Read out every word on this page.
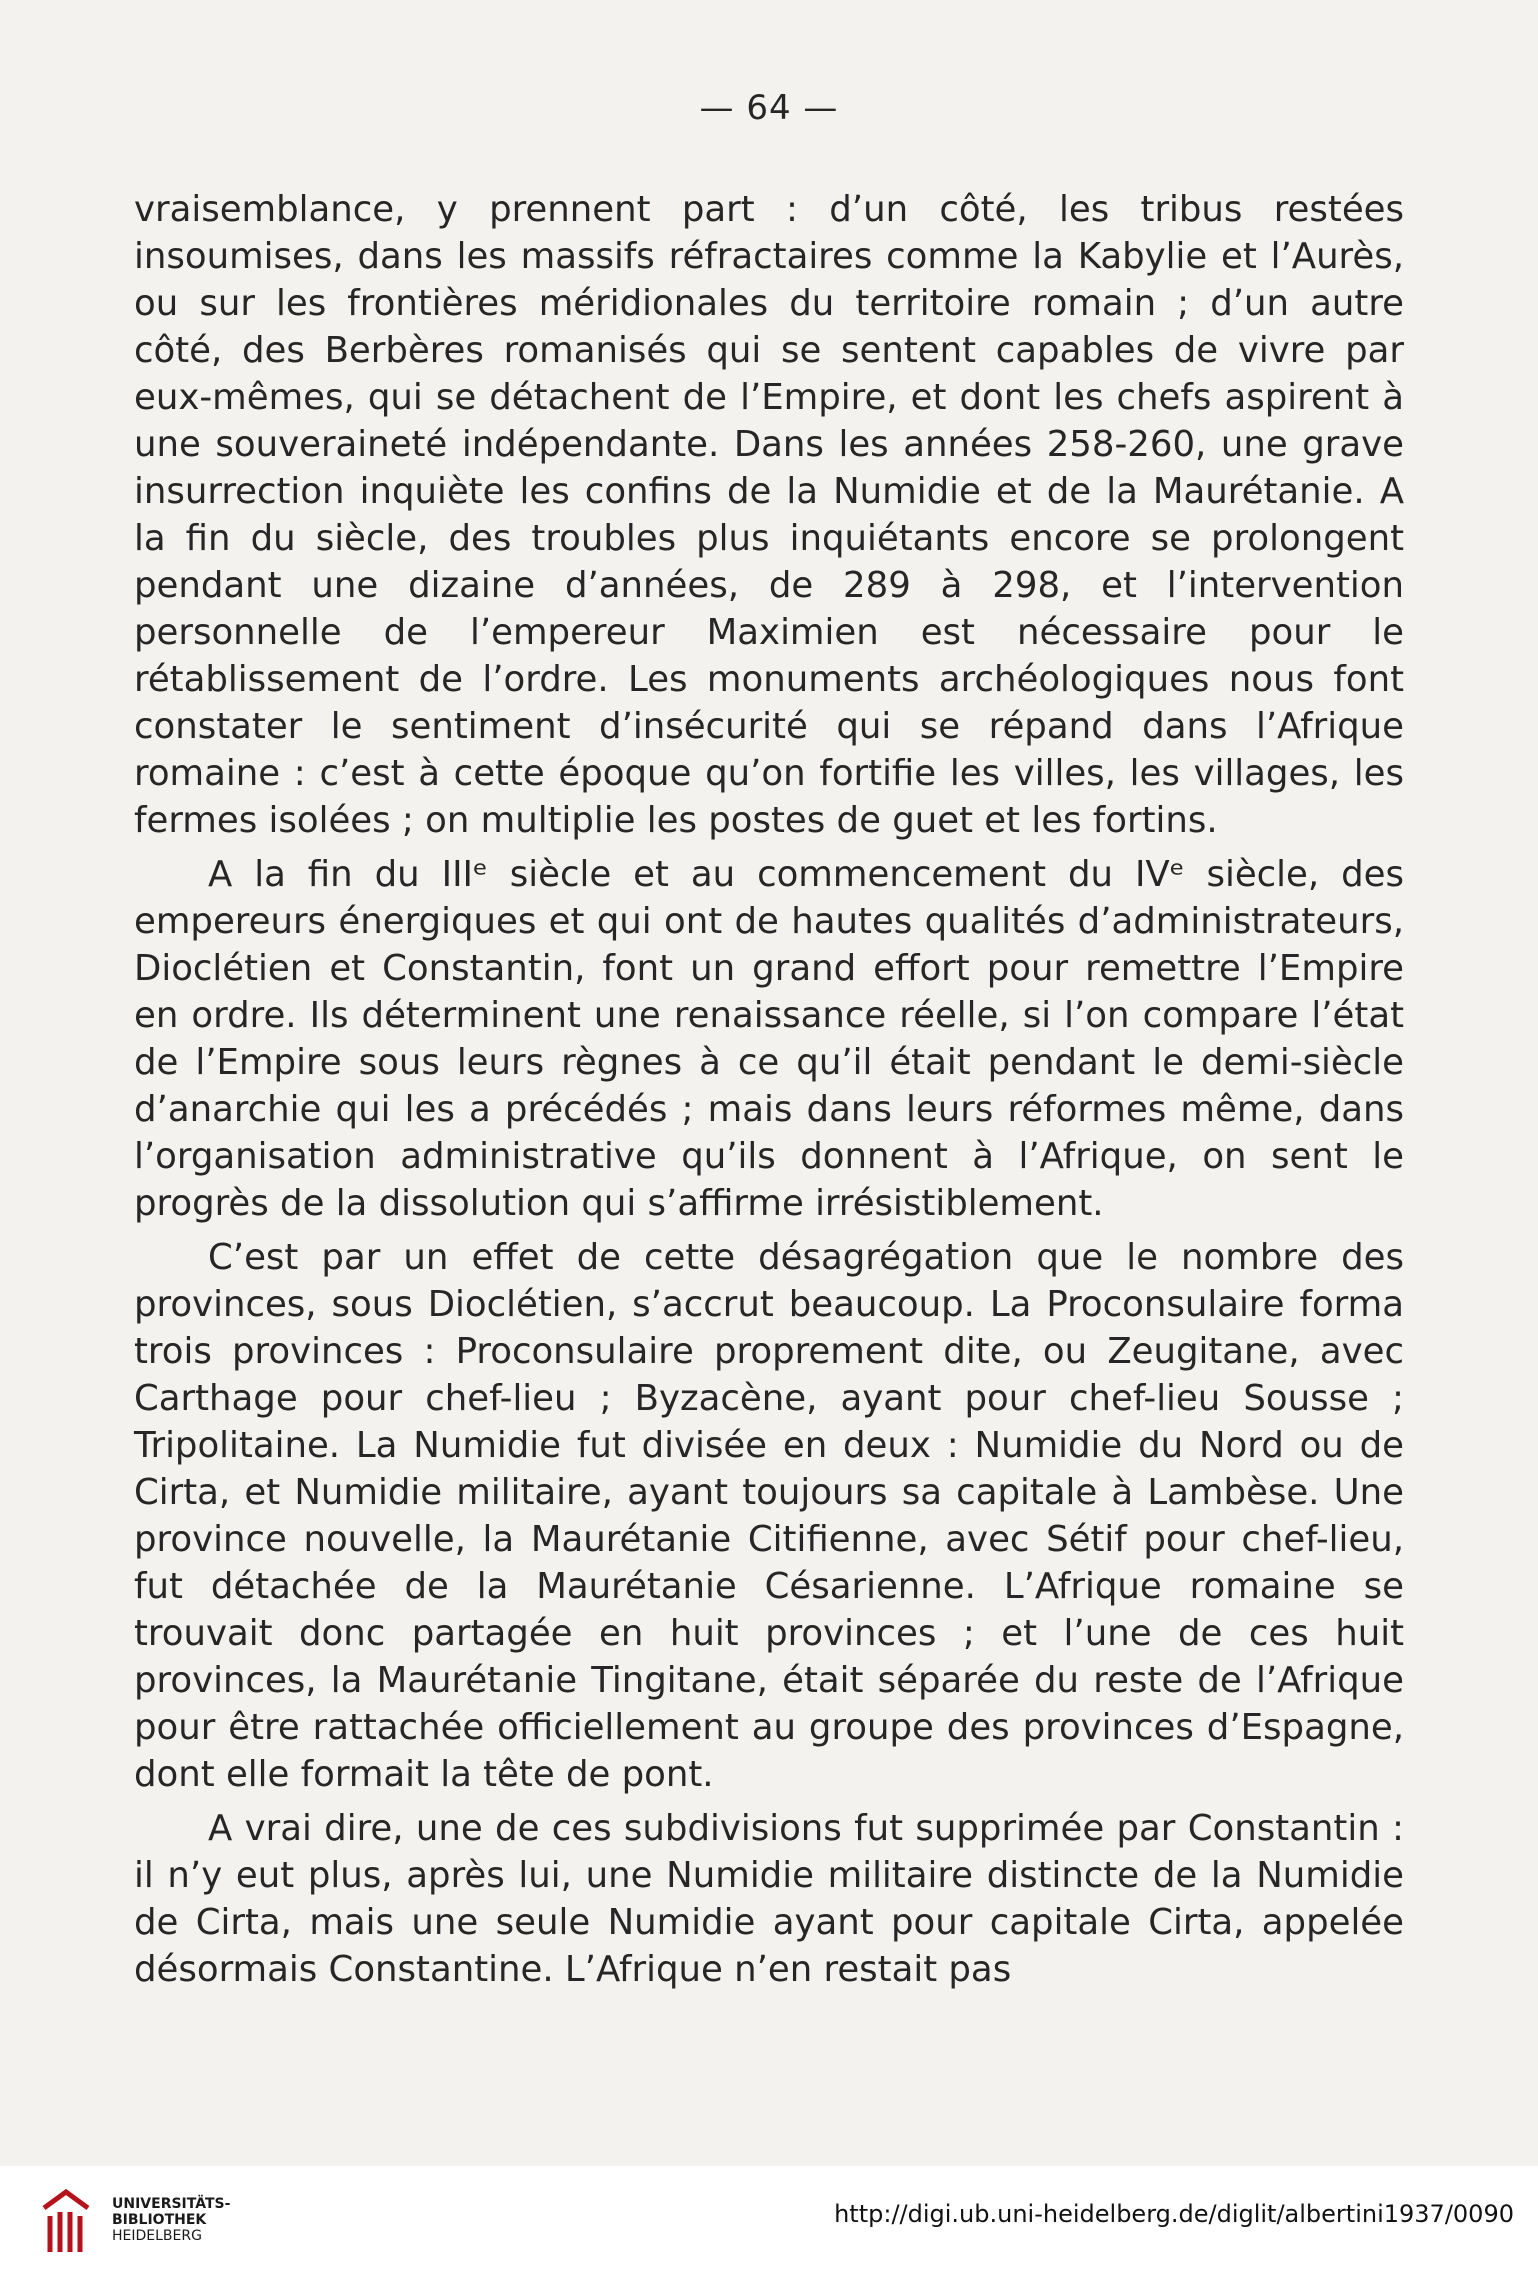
— 64 —

vraisemblance, y prennent part : d’un côté, les tribus restées insoumises, dans les massifs réfractaires comme la Kabylie et l’Aurès, ou sur les frontières méridionales du territoire romain ; d’un autre côté, des Berbères romanisés qui se sentent capables de vivre par eux-mêmes, qui se détachent de l’Empire, et dont les chefs aspirent à une souveraineté indépendante. Dans les années 258-260, une grave insurrection inquiète les confins de la Numidie et de la Maurétanie. A la fin du siècle, des troubles plus inquiétants encore se prolongent pendant une dizaine d’années, de 289 à 298, et l’intervention personnelle de l’empereur Maximien est nécessaire pour le rétablissement de l’ordre. Les monuments archéologiques nous font constater le sentiment d’insécurité qui se répand dans l’Afrique romaine : c’est à cette époque qu’on fortifie les villes, les villages, les fermes isolées ; on multiplie les postes de guet et les fortins.

A la fin du IIIᵉ siècle et au commencement du IVᵉ siècle, des empereurs énergiques et qui ont de hautes qualités d’administrateurs, Dioclétien et Constantin, font un grand effort pour remettre l’Empire en ordre. Ils déterminent une renaissance réelle, si l’on compare l’état de l’Empire sous leurs règnes à ce qu’il était pendant le demi-siècle d’anarchie qui les a précédés ; mais dans leurs réformes même, dans l’organisation administrative qu’ils donnent à l’Afrique, on sent le progrès de la dissolution qui s’affirme irrésistiblement.

C’est par un effet de cette désagrégation que le nombre des provinces, sous Dioclétien, s’accrut beaucoup. La Proconsulaire forma trois provinces : Proconsulaire proprement dite, ou Zeugitane, avec Carthage pour chef-lieu ; Byzacène, ayant pour chef-lieu Sousse ; Tripolitaine. La Numidie fut divisée en deux : Numidie du Nord ou de Cirta, et Numidie militaire, ayant toujours sa capitale à Lambèse. Une province nouvelle, la Maurétanie Citifienne, avec Sétif pour chef-lieu, fut détachée de la Maurétanie Césarienne. L’Afrique romaine se trouvait donc partagée en huit provinces ; et l’une de ces huit provinces, la Maurétanie Tingitane, était séparée du reste de l’Afrique pour être rattachée officiellement au groupe des provinces d’Espagne, dont elle formait la tête de pont.

A vrai dire, une de ces subdivisions fut supprimée par Constantin : il n’y eut plus, après lui, une Numidie militaire distincte de la Numidie de Cirta, mais une seule Numidie ayant pour capitale Cirta, appelée désormais Constantine. L’Afrique n’en restait pas

UNIVERSITÄTS-
BIBLIOTHEK
HEIDELBERG
http://digi.ub.uni-heidelberg.de/diglit/albertini1937/0090
